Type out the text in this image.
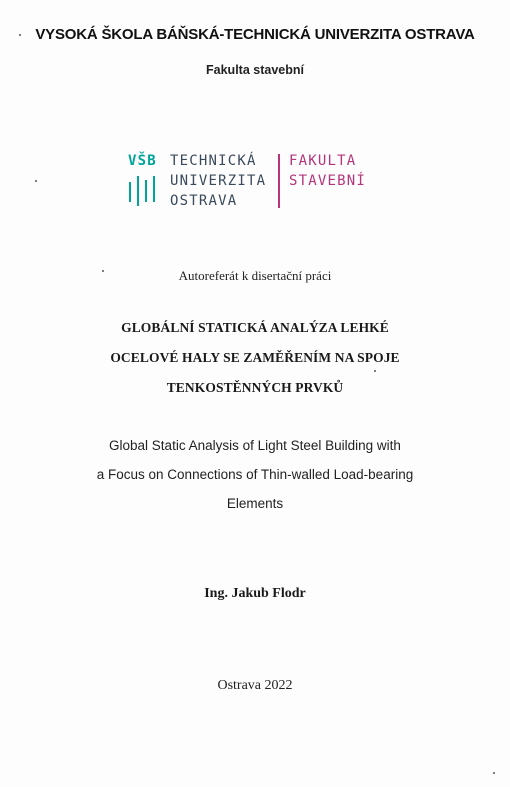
VYSOKÁ ŠKOLA BÁŇSKÁ-TECHNICKÁ UNIVERZITA OSTRAVA
Fakulta stavební
VŠB TECHNICKÁ
UNIVERZITA
OSTRAVA
FAKULTA
STAVEBNÍ
Autoreferát k disertační práci
GLOBÁLNÍ STATICKÁ ANALÝZA LEHKÉ
OCELOVÉ HALY SE ZAMĚŘENÍM NA SPOJE
TENKOSTĚNNÝCH PRVKŮ
Global Static Analysis of Light Steel Building with
a Focus on Connections of Thin-walled Load-bearing
Elements
Ing. Jakub Flodr
Ostrava 2022
